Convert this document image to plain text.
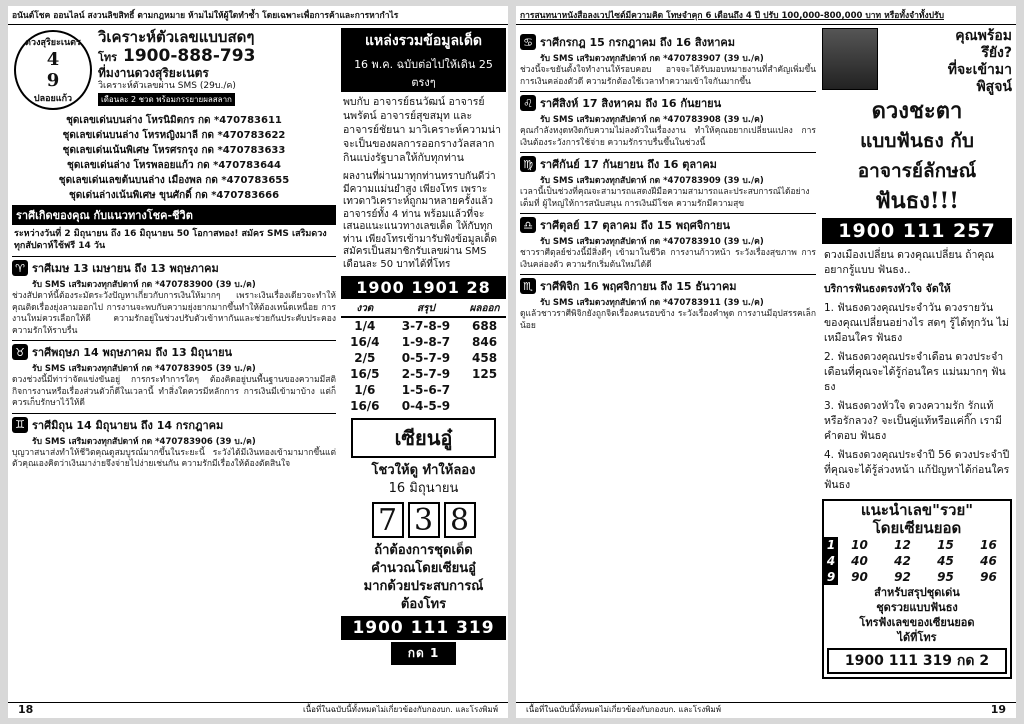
อนันต์โชค ออนไลน์ สงวนลิขสิทธิ์ ตามกฎหมาย ห้ามไม่ให้ผู้ใดทำซ้ำ โดยเฉพาะเพื่อการค้าและการหากำไร
ดวงสุริยะเนตร
4
9
ปลอยแก้ว
วิเคราะห์ตัวเลขแบบสดๆ
โทร 1900-888-793
ที่มงานดวงสุริยะเนตร
วิเคราะห์ตัวเลขผ่าน SMS (29บ./ค)
เดือนละ 2 ชวด พร้อมกรรยายผลสลาก
ชุดเลขเด่นบนล่าง โหรนิมิตกร กด *470783611
ชุดเลขเด่นบนล่าง โหรหญิงมาลี กด *470783622
ชุดเลขเด่นเน้นพิเศษ โหรศรกรุง กด *470783633
ชุดเลขเด่นล่าง โหรพลอยแก้ว กด *470783644
ชุดเลขเด่นเลขต้นบนล่าง เมืองพล กด *470783655
ชุดเด่นล่างเน้นพิเศษ ขุนศักดิ์ กด *470783666
ราศีเกิดของคุณ กับแนวทางโชค-ชีวิต
ระหว่างวันที่ 2 มิถุนายน ถึง 16 มิถุนายน 50 โอกาสทอง! สมัคร SMS เสริมดวงทุกสัปดาห์ใช้ฟรี 14 วัน
♈ ราศีเมษ 13 เมษายน ถึง 13 พฤษภาคม
รับ SMS เสริมดวงทุกสัปดาห์ กด *470783900 (39 บ./ค)
ช่วงสัปดาห์นี้ต้องระมัดระวังปัญหาเกี่ยวกับการเงินให้มากๆ เพราะเงินเรื่องเดียวจะทำให้คุณติดเรื่องยุ่งลามออกไป การงานจะพบกับความยุ่งยากมากขึ้นทำให้ต้องเหน็ดเหนื่อย การงานใหม่ควรเลือกให้ดี ความรักอยู่ในช่วงปรับตัวเข้าหากันและช่วยกันประคับประคองความรักให้ราบรื่น
♉ ราศีพฤษภ 14 พฤษภาคม ถึง 13 มิถุนายน
รับ SMS เสริมดวงทุกสัปดาห์ กด *470783905 (39 บ./ค)
ดวงช่วงนี้มีท่าว่าจัดแข่งขันอยู่ การกระทำการใดๆ ต้องคิดอยู่บนพื้นฐานของความมีสติ กิจการงานหรือเรื่องส่วนตัวก็ดีในเวลานี้ ทำสิ่งใดควรมีหลักการ การเงินมีเข้ามาบ้าง แต่ก็ควรเก็บรักษาไว้ให้ดี
♊ ราศีมิถุน 14 มิถุนายน ถึง 14 กรกฎาคม
รับ SMS เสริมดวงทุกสัปดาห์ กด *470783906 (39 บ./ค)
บุญวาสนาส่งทำให้ชีวิตคุณดูสมบูรณ์มากขึ้นในระยะนี้ ระวังได้มีเงินทองเข้ามามากขึ้นแต่ตัวคุณเองคิดว่าเงินมาง่ายจึงจ่ายไปง่ายเช่นกัน ความรักมีเรื่องให้ต้องตัดสินใจ
แหล่งรวมข้อมูลเด็ด
16 พ.ค. ฉบับต่อไปให้เดิน 25 ตรงๆ
พบกับ อาจารย์ธนวัฒน์ อาจารย์นพรัตน์ อาจารย์สุขสมุท และ อาจารย์ชัยนา มาวิเคราะห์ความน่าจะเป็นของผลการออกรางวัลสลากกินแบ่งรัฐบาลให้กับทุกท่าน
ผลงานที่ผ่านมาทุกท่านทราบกันดีว่า มีความแม่นยำสูง เพียงโทร เพราะเทวดาวิเคราะห์ถูกมาหลายครั้งแล้ว อาจารย์ทั้ง 4 ท่าน พร้อมแล้วที่จะเสนอแนะแนวทางเลขเด็ด ให้กับทุกท่าน เพียงโทรเข้ามารับฟังข้อมูลเด็ด สมัครเป็นสมาชิกรับเลขผ่าน SMS เดือนละ 50 บาทได้ที่โทร
1900 1901 28
งวด	สรุป	ผลออก
1/4	3-7-8-9	688
16/4	1-9-8-7	846
2/5	0-5-7-9	458
16/5	2-5-7-9	125
1/6	1-5-6-7	
16/6	0-4-5-9	
เซียนอู๋
โชวให้ดู ทำให้ลอง
16 มิถุนายน
7 3 8
ถ้าต้องการชุดเด็ด
คำนวณโดยเซียนอู๋
มากด้วยประสบการณ์
ต้องโทร
1900 111 319
กด 1
18	เนื้อที่ในฉบับนี้ทั้งหมดไม่เกี่ยวข้องกับกองบก. และโรงพิมพ์
การสนทนาหนังสือลงเวปไซต์มีความคิด โทษจำคุก 6 เดือนถึง 4 ปี ปรับ 100,000-800,000 บาท หรือทั้งจำทั้งปรับ
♋ ราศีกรกฎ 15 กรกฎาคม ถึง 16 สิงหาคม
รับ SMS เสริมดวงทุกสัปดาห์ กด *470783907 (39 บ./ค)
ช่วงนี้จะขยันตั้งใจทำงานให้รอบคอบ อาจจะได้รับมอบหมายงานที่สำคัญเพิ่มขึ้น การเงินคล่องตัวดี ความรักต้องใช้เวลาทำความเข้าใจกันมากขึ้น
♌ ราศีสิงห์ 17 สิงหาคม ถึง 16 กันยายน
รับ SMS เสริมดวงทุกสัปดาห์ กด *470783908 (39 บ./ค)
คุณกำลังหงุดหงิดกับความไม่ลงตัวในเรื่องงาน ทำให้คุณอยากเปลี่ยนแปลง การเงินต้องระวังการใช้จ่าย ความรักราบรื่นขึ้นในช่วงนี้
♍ ราศีกันย์ 17 กันยายน ถึง 16 ตุลาคม
รับ SMS เสริมดวงทุกสัปดาห์ กด *470783909 (39 บ./ค)
เวลานี้เป็นช่วงที่คุณจะสามารถแสดงฝีมือความสามารถและประสบการณ์ได้อย่างเต็มที่ ผู้ใหญ่ให้การสนับสนุน การเงินมีโชค ความรักมีความสุข
♎ ราศีตุลย์ 17 ตุลาคม ถึง 15 พฤศจิกายน
รับ SMS เสริมดวงทุกสัปดาห์ กด *470783910 (39 บ./ค)
ชาวราศีตุลย์ช่วงนี้มีสิ่งดีๆ เข้ามาในชีวิต การงานก้าวหน้า ระวังเรื่องสุขภาพ การเงินคล่องตัว ความรักเริ่มต้นใหม่ได้ดี
♏ ราศีพิจิก 16 พฤศจิกายน ถึง 15 ธันวาคม
รับ SMS เสริมดวงทุกสัปดาห์ กด *470783911 (39 บ./ค)
ดูแล้วชาวราศีพิจิกยังถูกจิตเรื่องคนรอบข้าง ระวังเรื่องคำพูด การงานมีอุปสรรคเล็กน้อย
คุณพร้อม
รึยัง?
ที่จะเข้ามา
พิสูจน์
ดวงชะตา
แบบฟันธง กับ
อาจารย์ลักษณ์
ฟันธง!!!
1900 111 257
ดวงเมืองเปลี่ยน ดวงคุณเปลี่ยน ถ้าคุณอยากรู้แบบ ฟันธง..
บริการฟันธงตรงหัวใจ จัดให้
1. ฟันธงดวงคุณประจำวัน ดวงรายวันของคุณเปลี่ยนอย่างไร สดๆ รู้ได้ทุกวัน ไม่เหมือนใคร ฟันธง
2. ฟันธงดวงคุณประจำเดือน ดวงประจำเดือนที่คุณจะได้รู้ก่อนใคร แม่นมากๆ ฟันธง
3. ฟันธงดวงหัวใจ ดวงความรัก รักแท้หรือรักลวง? จะเป็นคู่แท้หรือแค่กิ๊ก เรามีคำตอบ ฟันธง
4. ฟันธงดวงคุณประจำปี 56 ดวงประจำปีที่คุณจะได้รู้ล่วงหน้า แก้ปัญหาได้ก่อนใคร ฟันธง
แนะนำเลข"รวย"
โดยเซียนยอด
1	10	12	15	16
4	40	42	45	46
9	90	92	95	96
สำหรับสรุปชุดเด่น
ชุดรวยแบบฟันธง
โทรฟังเลขของเซียนยอด
ได้ที่โทร
1900 111 319 กด 2
เนื้อที่ในฉบับนี้ทั้งหมดไม่เกี่ยวข้องกับกองบก. และโรงพิมพ์	19
